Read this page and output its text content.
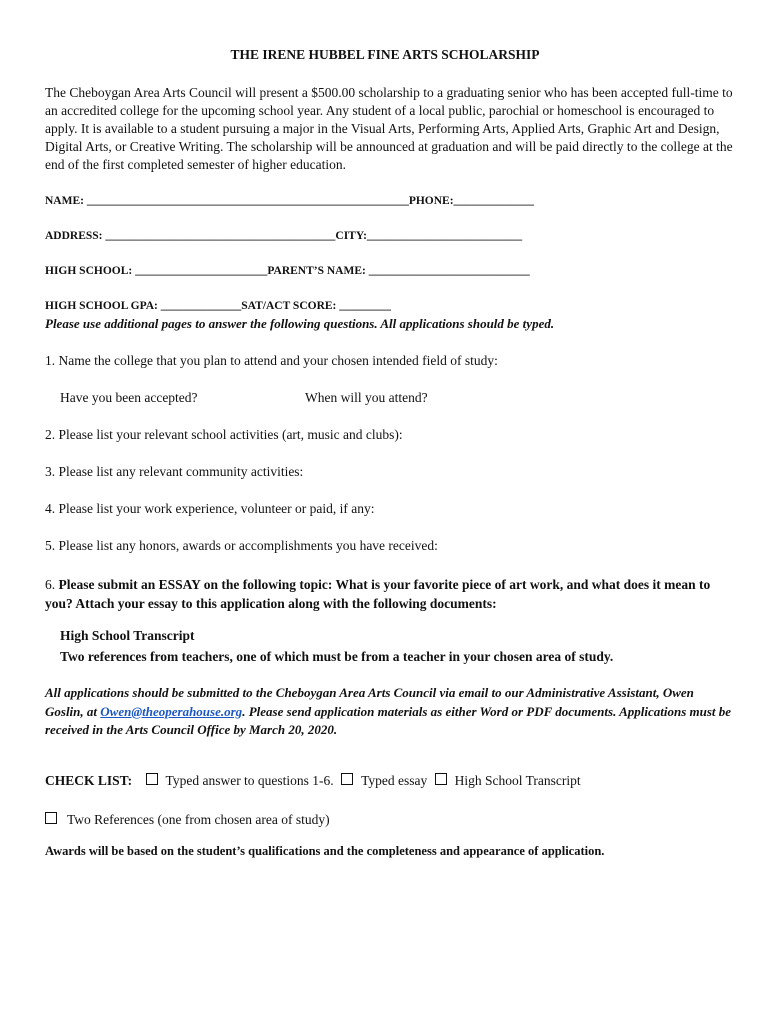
THE IRENE HUBBEL FINE ARTS SCHOLARSHIP
The Cheboygan Area Arts Council will present a $500.00 scholarship to a graduating senior who has been accepted full-time to an accredited college for the upcoming school year. Any student of a local public, parochial or homeschool is encouraged to apply. It is available to a student pursuing a major in the Visual Arts, Performing Arts, Applied Arts, Graphic Art and Design, Digital Arts, or Creative Writing. The scholarship will be announced at graduation and will be paid directly to the college at the end of the first completed semester of higher education.
NAME: ________________________________________________________PHONE:______________
ADDRESS: ________________________________________CITY:___________________________
HIGH SCHOOL: _______________________PARENT’S NAME: ____________________________
HIGH SCHOOL GPA: ______________SAT/ACT SCORE: _________
Please use additional pages to answer the following questions. All applications should be typed.
1. Name the college that you plan to attend and your chosen intended field of study:
Have you been accepted?	When will you attend?
2. Please list your relevant school activities (art, music and clubs):
3. Please list any relevant community activities:
4. Please list your work experience, volunteer or paid, if any:
5. Please list any honors, awards or accomplishments you have received:
6. Please submit an ESSAY on the following topic: What is your favorite piece of art work, and what does it mean to you? Attach your essay to this application along with the following documents:
High School Transcript
Two references from teachers, one of which must be from a teacher in your chosen area of study.
All applications should be submitted to the Cheboygan Area Arts Council via email to our Administrative Assistant, Owen Goslin, at Owen@theoperahouse.org. Please send application materials as either Word or PDF documents. Applications must be received in the Arts Council Office by March 20, 2020.
CHECK LIST: Typed answer to questions 1-6. Typed essay High School Transcript
Two References (one from chosen area of study)
Awards will be based on the student’s qualifications and the completeness and appearance of application.
